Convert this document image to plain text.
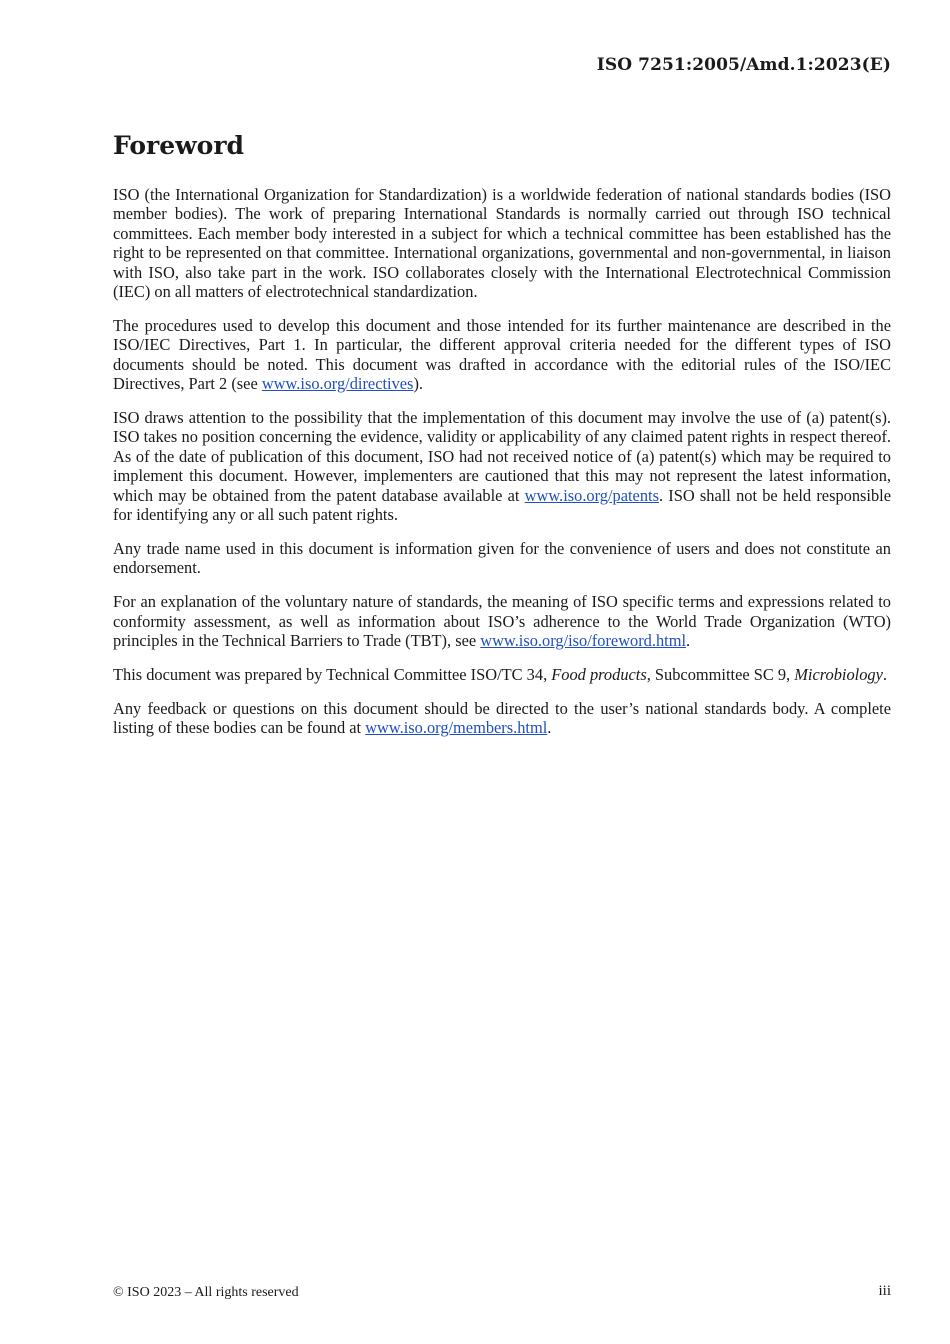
ISO 7251:2005/Amd.1:2023(E)

Foreword

ISO (the International Organization for Standardization) is a worldwide federation of national standards bodies (ISO member bodies). The work of preparing International Standards is normally carried out through ISO technical committees. Each member body interested in a subject for which a technical committee has been established has the right to be represented on that committee. International organizations, governmental and non-governmental, in liaison with ISO, also take part in the work. ISO collaborates closely with the International Electrotechnical Commission (IEC) on all matters of electrotechnical standardization.

The procedures used to develop this document and those intended for its further maintenance are described in the ISO/IEC Directives, Part 1. In particular, the different approval criteria needed for the different types of ISO documents should be noted. This document was drafted in accordance with the editorial rules of the ISO/IEC Directives, Part 2 (see www.iso.org/directives).

ISO draws attention to the possibility that the implementation of this document may involve the use of (a) patent(s). ISO takes no position concerning the evidence, validity or applicability of any claimed patent rights in respect thereof. As of the date of publication of this document, ISO had not received notice of (a) patent(s) which may be required to implement this document. However, implementers are cautioned that this may not represent the latest information, which may be obtained from the patent database available at www.iso.org/patents. ISO shall not be held responsible for identifying any or all such patent rights.

Any trade name used in this document is information given for the convenience of users and does not constitute an endorsement.

For an explanation of the voluntary nature of standards, the meaning of ISO specific terms and expressions related to conformity assessment, as well as information about ISO’s adherence to the World Trade Organization (WTO) principles in the Technical Barriers to Trade (TBT), see www.iso.org/iso/foreword.html.

This document was prepared by Technical Committee ISO/TC 34, Food products, Subcommittee SC 9, Microbiology.

Any feedback or questions on this document should be directed to the user’s national standards body. A complete listing of these bodies can be found at www.iso.org/members.html.

© ISO 2023 – All rights reserved	iii
